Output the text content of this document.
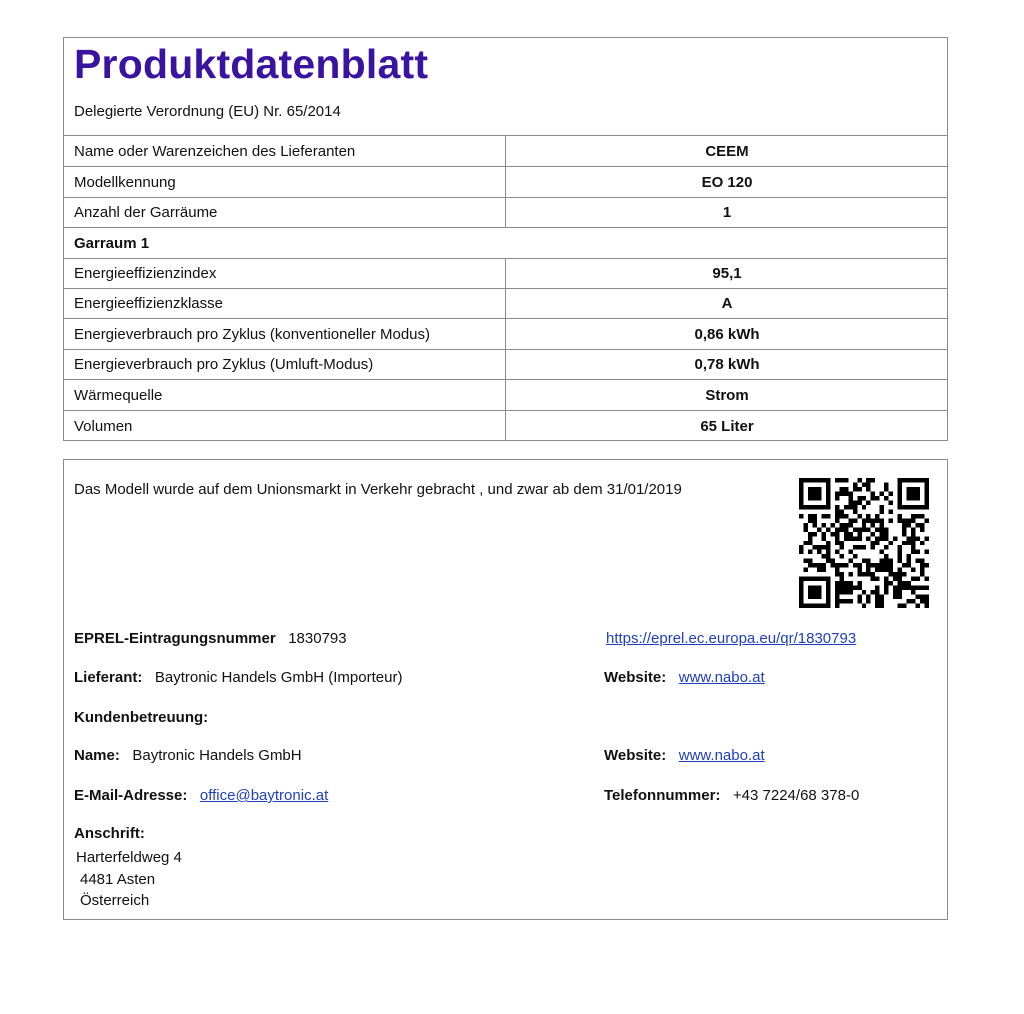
Produktdatenblatt
Delegierte Verordnung (EU) Nr. 65/2014
Name oder Warenzeichen des Lieferanten	CEEM
Modellkennung	EO 120
Anzahl der Garräume	1
Garraum 1
Energieeffizienzindex	95,1
Energieeffizienzklasse	A
Energieverbrauch pro Zyklus (konventioneller Modus)	0,86 kWh
Energieverbrauch pro Zyklus (Umluft-Modus)	0,78 kWh
Wärmequelle	Strom
Volumen	65 Liter
Das Modell wurde auf dem Unionsmarkt in Verkehr gebracht , und zwar ab dem 31/01/2019
EPREL-Eintragungsnummer 1830793	https://eprel.ec.europa.eu/qr/1830793
Lieferant: Baytronic Handels GmbH (Importeur)	Website: www.nabo.at
Kundenbetreuung:
Name: Baytronic Handels GmbH	Website: www.nabo.at
E-Mail-Adresse: office@baytronic.at	Telefonnummer: +43 7224/68 378-0
Anschrift:
Harterfeldweg 4
4481 Asten
Österreich
